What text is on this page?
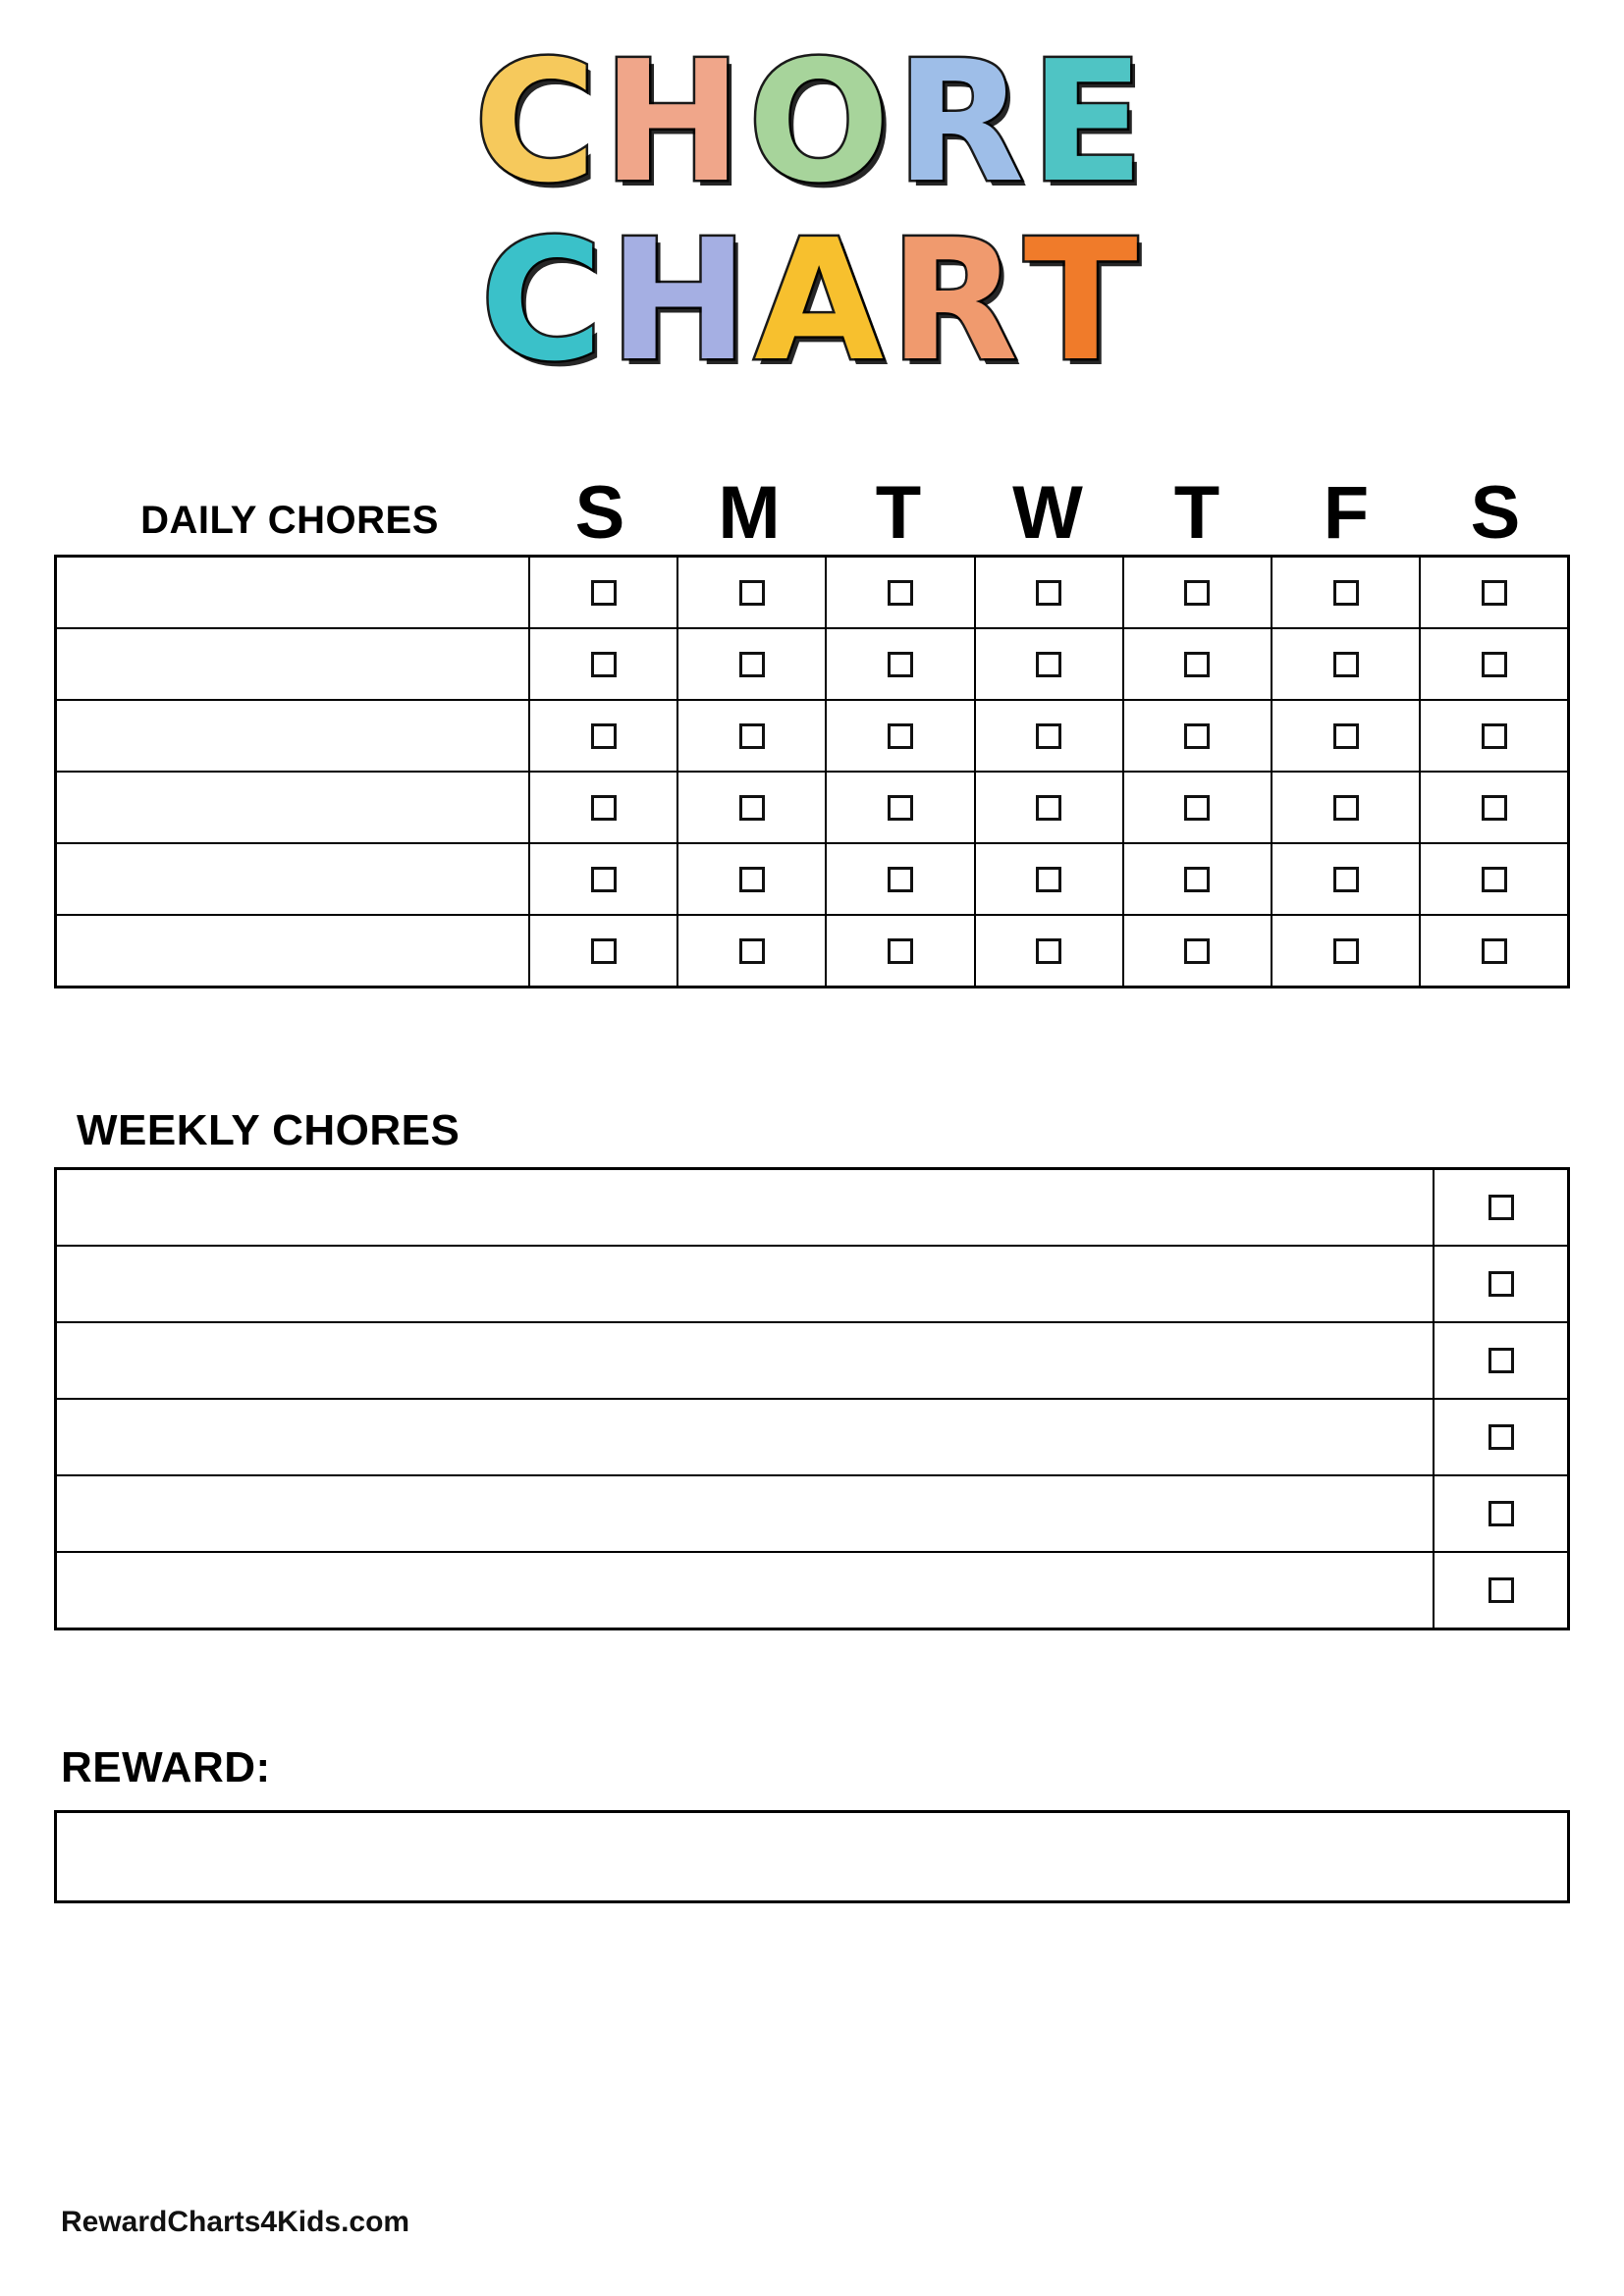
CHORE
CHART
DAILY CHORES	S	M	T	W	T	F	S

WEEKLY CHORES

REWARD:
RewardCharts4Kids.com
